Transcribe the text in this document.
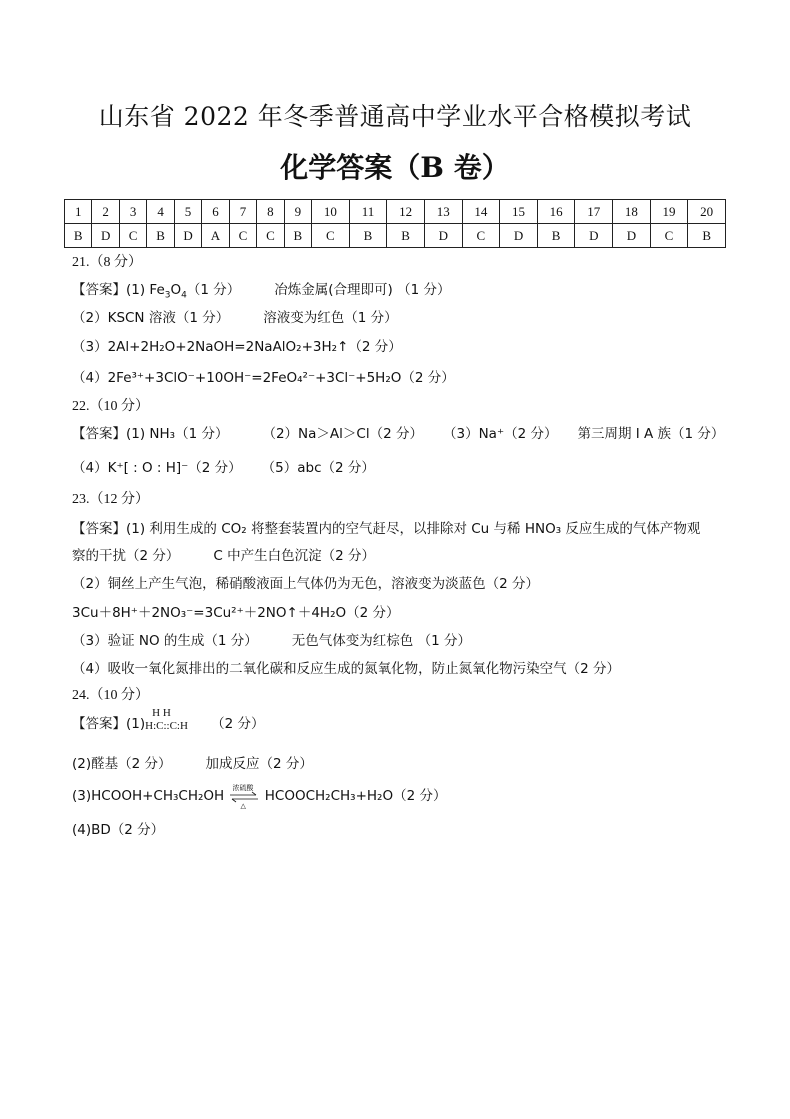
山东省 2022 年冬季普通高中学业水平合格模拟考试
化学答案（B 卷）
1	2	3	4	5	6	7	8	9	10	11	12	13	14	15	16	17	18	19	20
B	D	C	B	D	A	C	C	B	C	B	B	D	C	D	B	D	D	C	B
21.（8 分）
【答案】(1) $Fe_3O_4(1$ 分）	冶炼金属(合理即可) （1 分）
（2）KSCN 溶液（1 分）	溶液变为红色（1 分）
（3）2Al+2H₂O+2NaOH=2NaAlO₂+3H₂↑（2 分）
（4）2Fe³⁺+3ClO⁻+10OH⁻=2FeO₄²⁻+3Cl⁻+5H₂O（2 分）
22.（10 分）
【答案】(1) NH₃（1 分）	（2）Na＞Al＞Cl（2 分） （3）Na⁺（2 分） 第三周期 I A 族（1 分）
（4）K⁺[ : O : H]⁻（2 分） （5）abc（2 分）
23.（12 分）
【答案】(1) 利用生成的 CO₂ 将整套装置内的空气赶尽，以排除对 Cu 与稀 HNO₃ 反应生成的气体产物观
察的干扰（2 分）	C 中产生白色沉淀（2 分）
（2）铜丝上产生气泡，稀硝酸液面上气体仍为无色，溶液变为淡蓝色（2 分）
3Cu＋8H⁺＋2NO₃⁻=3Cu²⁺＋2NO↑＋4H₂O（2 分）
（3）验证 NO 的生成（1 分）	无色气体变为红棕色 （1 分）
（4）吸收一氧化氮排出的二氧化碳和反应生成的氮氧化物，防止氮氧化物污染空气（2 分）
24.（10 分）
【答案】(1)
H H
H:C::C:H （2 分）
(2)醛基（2 分）	加成反应（2 分）
(3)HCOOH+CH₃CH₂OH 浓硫酸
△
HCOOCH₂CH₃+H₂O（2 分）
(4)BD（2 分）
